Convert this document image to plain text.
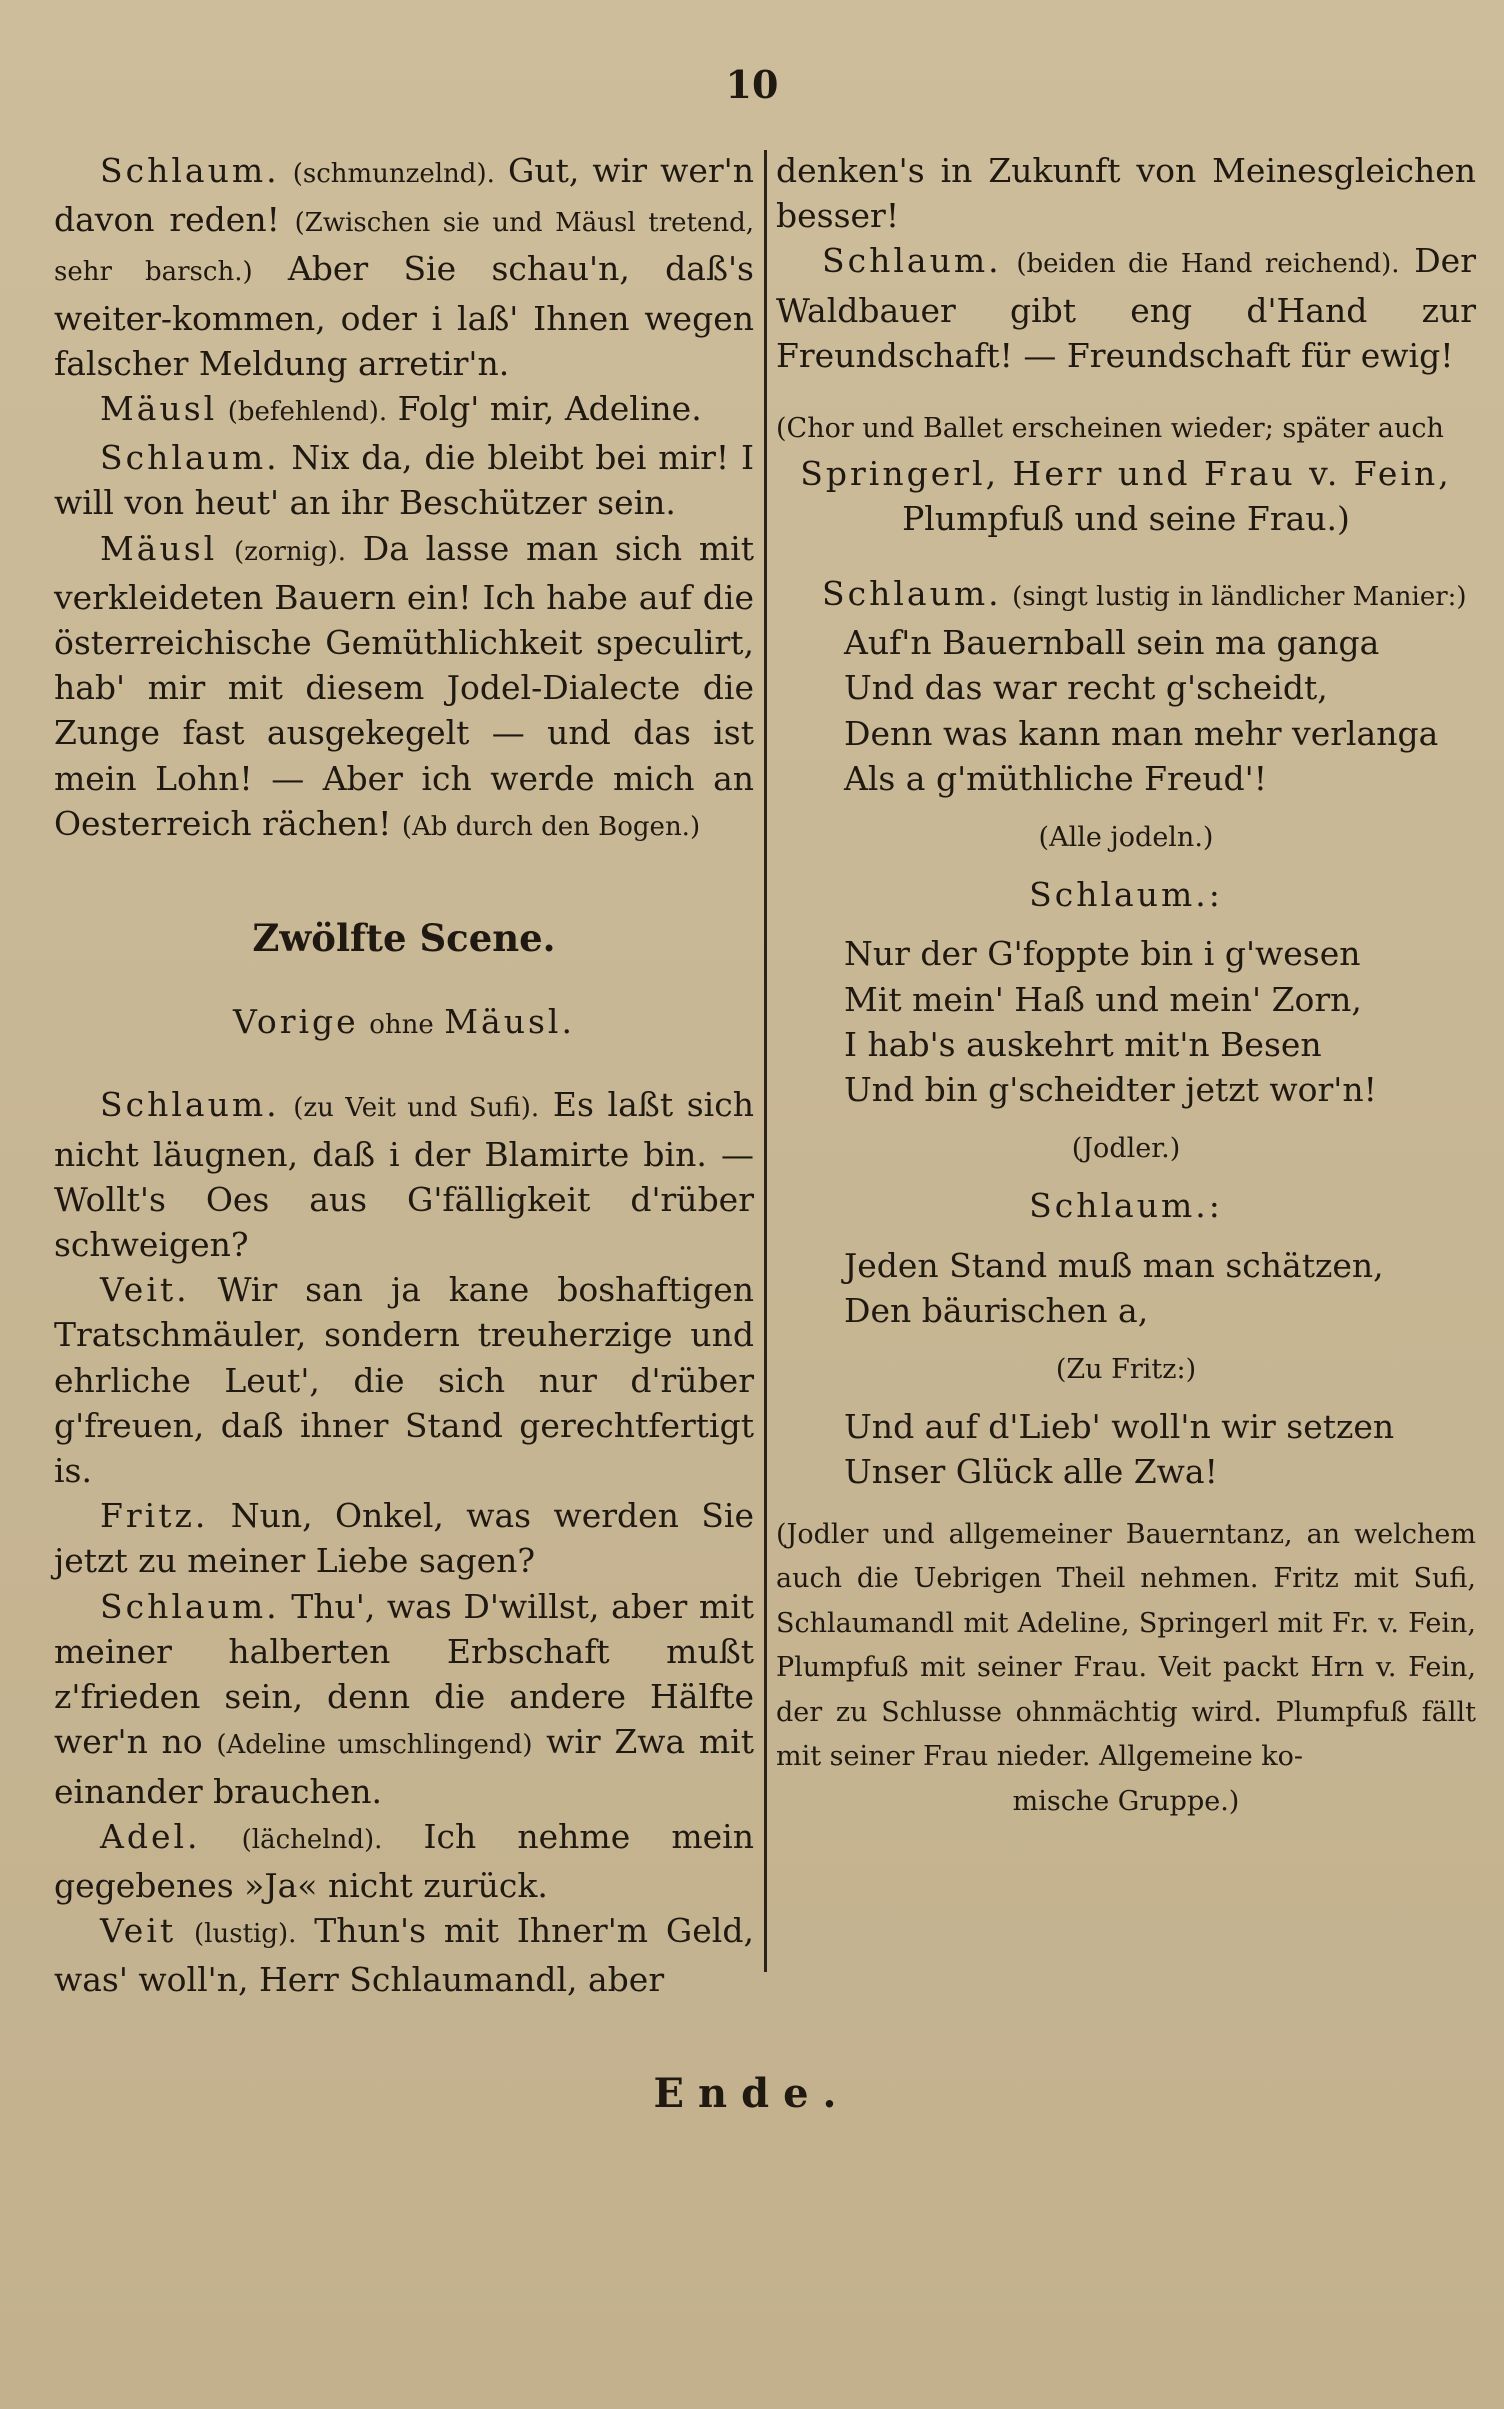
10

Schlaum. (schmunzelnd). Gut, wir wer'n davon reden! (Zwischen sie und Mäusl tretend, sehr barsch.) Aber Sie schau'n, daß's weiter-kommen, oder i laß' Ihnen wegen falscher Meldung arretir'n.

Mäusl (befehlend). Folg' mir, Adeline.

Schlaum. Nix da, die bleibt bei mir! I will von heut' an ihr Beschützer sein.

Mäusl (zornig). Da lasse man sich mit verkleideten Bauern ein! Ich habe auf die österreichische Gemüthlichkeit speculirt, hab' mir mit diesem Jodel-Dialecte die Zunge fast ausgekegelt — und das ist mein Lohn! — Aber ich werde mich an Oesterreich rächen! (Ab durch den Bogen.)

Zwölfte Scene.

Vorige ohne Mäusl.

Schlaum. (zu Veit und Sufi). Es laßt sich nicht läugnen, daß i der Blamirte bin. — Wollt's Oes aus G'fälligkeit d'rüber schweigen?

Veit. Wir san ja kane boshaftigen Tratschmäuler, sondern treuherzige und ehrliche Leut', die sich nur d'rüber g'freuen, daß ihner Stand gerechtfertigt is.

Fritz. Nun, Onkel, was werden Sie jetzt zu meiner Liebe sagen?

Schlaum. Thu', was D'willst, aber mit meiner halberten Erbschaft mußt z'frieden sein, denn die andere Hälfte wer'n no (Adeline umschlingend) wir Zwa mit einander brauchen.

Adel. (lächelnd). Ich nehme mein gegebenes »Ja« nicht zurück.

Veit (lustig). Thun's mit Ihner'm Geld, was' woll'n, Herr Schlaumandl, aber

denken's in Zukunft von Meinesgleichen besser!

Schlaum. (beiden die Hand reichend). Der Waldbauer gibt eng d'Hand zur Freundschaft! — Freundschaft für ewig!

(Chor und Ballet erscheinen wieder; später auch

Springerl, Herr und Frau v. Fein,

Plumpfuß und seine Frau.)

Schlaum. (singt lustig in ländlicher Manier:)

Auf'n Bauernball sein ma ganga

Und das war recht g'scheidt,

Denn was kann man mehr verlanga

Als a g'müthliche Freud'!

(Alle jodeln.)

Schlaum.:

Nur der G'foppte bin i g'wesen

Mit mein' Haß und mein' Zorn,

I hab's auskehrt mit'n Besen

Und bin g'scheidter jetzt wor'n!

(Jodler.)

Schlaum.:

Jeden Stand muß man schätzen,

Den bäurischen a,

(Zu Fritz:)

Und auf d'Lieb' woll'n wir setzen

Unser Glück alle Zwa!

(Jodler und allgemeiner Bauerntanz, an welchem auch die Uebrigen Theil nehmen. Fritz mit Sufi, Schlaumandl mit Adeline, Springerl mit Fr. v. Fein, Plumpfuß mit seiner Frau. Veit packt Hrn v. Fein, der zu Schlusse ohnmächtig wird. Plumpfuß fällt mit seiner Frau nieder. Allgemeine ko-

mische Gruppe.)

Ende.
